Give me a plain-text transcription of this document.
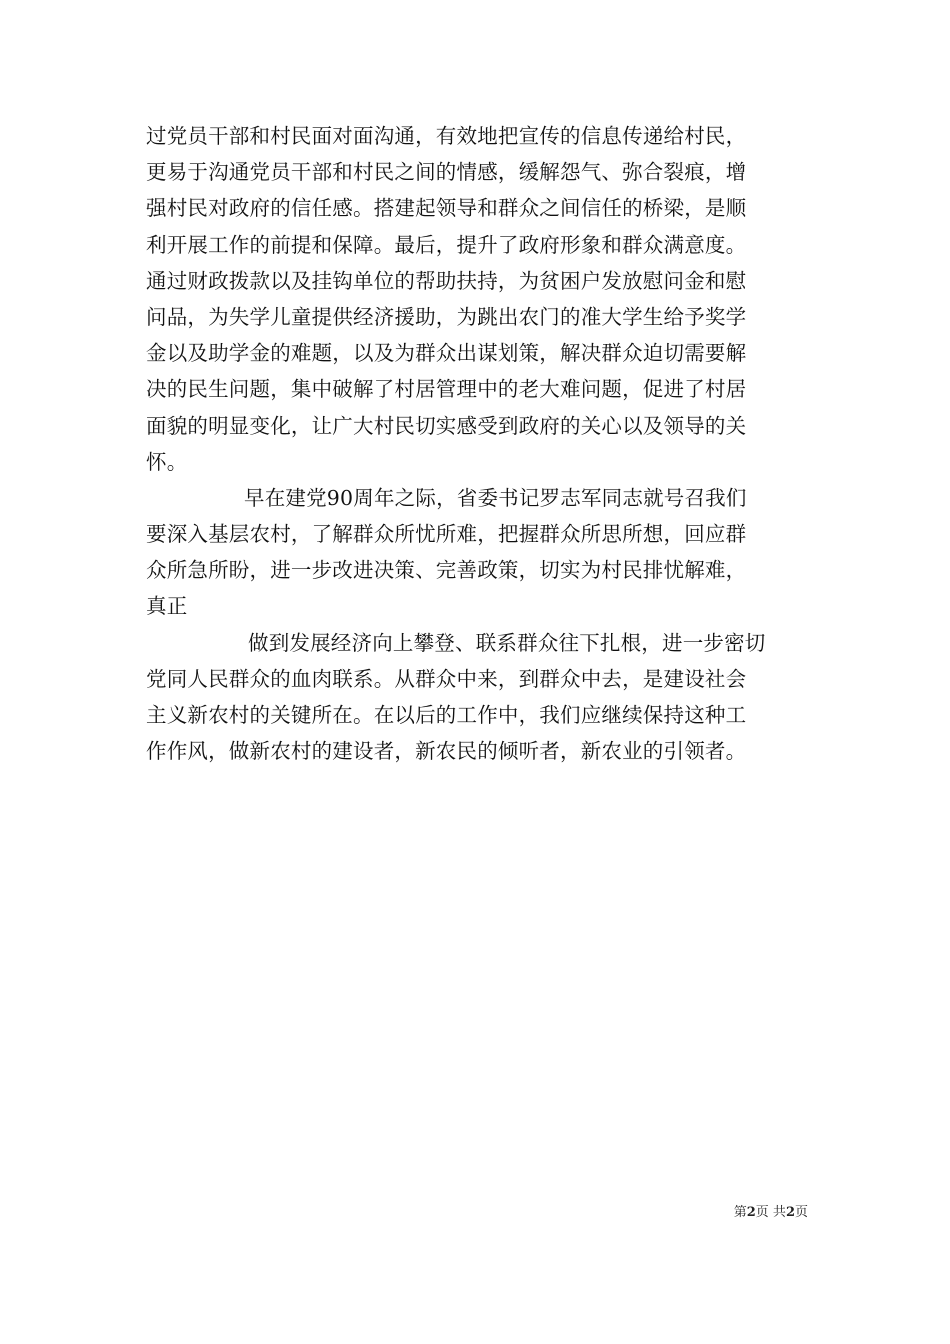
过党员干部和村民面对面沟通，有效地把宣传的信息传递给村民，
更易于沟通党员干部和村民之间的情感，缓解怨气、弥合裂痕，增
强村民对政府的信任感。搭建起领导和群众之间信任的桥梁，是顺
利开展工作的前提和保障。最后，提升了政府形象和群众满意度。
通过财政拨款以及挂钩单位的帮助扶持，为贫困户发放慰问金和慰
问品，为失学儿童提供经济援助，为跳出农门的准大学生给予奖学
金以及助学金的难题，以及为群众出谋划策，解决群众迫切需要解
决的民生问题，集中破解了村居管理中的老大难问题，促进了村居
面貌的明显变化，让广大村民切实感受到政府的关心以及领导的关
怀。
早在建党90周年之际，省委书记罗志军同志就号召我们
要深入基层农村，了解群众所忧所难，把握群众所思所想，回应群
众所急所盼，进一步改进决策、完善政策，切实为村民排忧解难，
真正
做到发展经济向上攀登、联系群众往下扎根，进一步密切
党同人民群众的血肉联系。从群众中来，到群众中去，是建设社会
主义新农村的关键所在。在以后的工作中，我们应继续保持这种工
作作风，做新农村的建设者，新农民的倾听者，新农业的引领者。
第2页 共2页
